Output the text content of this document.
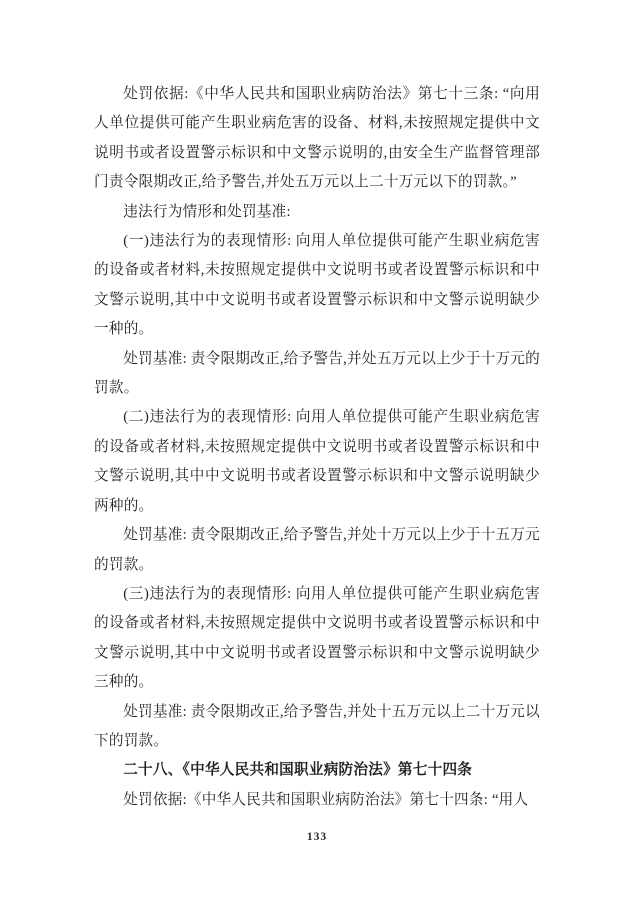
处罚依据:《中华人民共和国职业病防治法》第七十三条: “向用人单位提供可能产生职业病危害的设备、材料,未按照规定提供中文说明书或者设置警示标识和中文警示说明的,由安全生产监督管理部门责令限期改正,给予警告,并处五万元以上二十万元以下的罚款。”

违法行为情形和处罚基准:

(一)违法行为的表现情形: 向用人单位提供可能产生职业病危害的设备或者材料,未按照规定提供中文说明书或者设置警示标识和中文警示说明,其中中文说明书或者设置警示标识和中文警示说明缺少一种的。

处罚基准: 责令限期改正,给予警告,并处五万元以上少于十万元的罚款。

(二)违法行为的表现情形: 向用人单位提供可能产生职业病危害的设备或者材料,未按照规定提供中文说明书或者设置警示标识和中文警示说明,其中中文说明书或者设置警示标识和中文警示说明缺少两种的。

处罚基准: 责令限期改正,给予警告,并处十万元以上少于十五万元的罚款。

(三)违法行为的表现情形: 向用人单位提供可能产生职业病危害的设备或者材料,未按照规定提供中文说明书或者设置警示标识和中文警示说明,其中中文说明书或者设置警示标识和中文警示说明缺少三种的。

处罚基准: 责令限期改正,给予警告,并处十五万元以上二十万元以下的罚款。

二十八、《中华人民共和国职业病防治法》第七十四条

处罚依据:《中华人民共和国职业病防治法》第七十四条: “用人

133
